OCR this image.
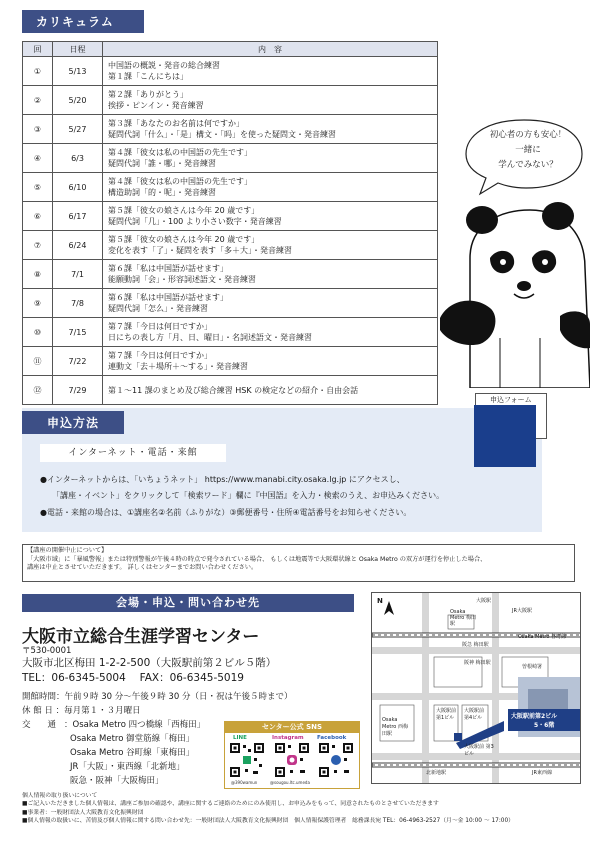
カリキュラム
回	日程	内　容
①	5/13	中国語の概説・発音の総合練習
第１課「こんにちは」

②	5/20	第２課「ありがとう」
挨拶・ピンイン・発音練習

③	5/27	第３課「あなたのお名前は何ですか」
疑問代詞「什么」・「是」構文・「吗」を使った疑問文・発音練習

④	6/3	第４課「彼女は私の中国語の先生です」
疑問代詞「誰・哪」・発音練習

⑤	6/10	第４課「彼女は私の中国語の先生です」
構造助詞「的・呢」・発音練習

⑥	6/17	第５課「彼女の娘さんは今年 20 歳です」
疑問代詞「几」・100 より小さい数字・発音練習

⑦	6/24	第５課「彼女の娘さんは今年 20 歳です」
変化を表す「了」・疑問を表す「多＋大」・発音練習

⑧	7/1	第６課「私は中国語が話せます」
能願動詞「会」・形容詞述語文・発音練習

⑨	7/8	第６課「私は中国語が話せます」
疑問代詞「怎么」・発音練習

⑩	7/15	第７課「今日は何日ですか」
日にちの表し方「月、日、曜日」・名詞述語文・発音練習

⑪	7/22	第７課「今日は何日ですか」
連動文「去＋場所＋～する」・発音練習

⑫	7/29	第１～11 課のまとめ及び総合練習 HSK の検定などの紹介・自由会話
初心者の方も安心！
一緒に
学んでみない？
申込方法
申込フォーム
インターネット・電話・来館
●インターネットからは、「いちょうネット」 https://www.manabi.city.osaka.lg.jp にアクセスし、
「講座・イベント」をクリックして「検索ワード」欄に『中国語』を入力・検索のうえ、お申込みください。
●電話・来館の場合は、①講座名②名前（ふりがな）③郵便番号・住所④電話番号をお知らせください。
【講座の開催中止について】
「大阪市域」に「暴風警報」または特別警報が午後４時の時点で発令されている場合、 もしくは地震等で大阪環状線と Osaka Metro の双方が運行を停止した場合、
講座は中止とさせていただきます。 詳しくはセンターまでお問い合わせください。
会場・申込・問い合わせ先
大阪市立総合生涯学習センター
〒530-0001
大阪市北区梅田 1-2-2-500（大阪駅前第２ビル５階）
TEL：06-6345-5004　 FAX：06-6345-5019
開館時間：午前９時 30 分～午後９時 30 分（日・祝は午後５時まで）
休 館 日 ：毎月第１・３月曜日
交　　通 ：Osaka Metro 四つ橋線「西梅田」
Osaka Metro 御堂筋線「梅田」
Osaka Metro 谷町線「東梅田」
JR「大阪」・東西線「北新地」
阪急・阪神「大阪梅田」
センター公式 SNS
LINE	Instagram Facebook
@390wamun	@sougou.ltc.umeda
N
Osaka Metro 梅田駅
大阪駅
JR大阪駅
Osaka Metro 谷町線
阪急 梅田駅
阪神 梅田駅
大阪駅前 第1ビル
大阪駅前 第3ビル
大阪駅前 第4ビル	大阪駅前第2ビル
5・6階
曽根崎署
Osaka Metro 西梅田駅
北新地駅	JR東西線
個人情報の取り扱いについて
■ご記入いただきました個人情報は、講座ご参加の確認や、講座に関するご連絡のためにのみ使用し、お申込みをもって、同意されたものとさせていただきます
■事業者：一般財団法人大阪教育文化振興財団
■個人情報の取扱いに、苦情及び個人情報に関する問い合わせ先：一般財団法人大阪教育文化振興財団　個人情報保護管理者　総務課長宛 TEL：06-4963-2527（月～金 10:00 ～ 17:00）
